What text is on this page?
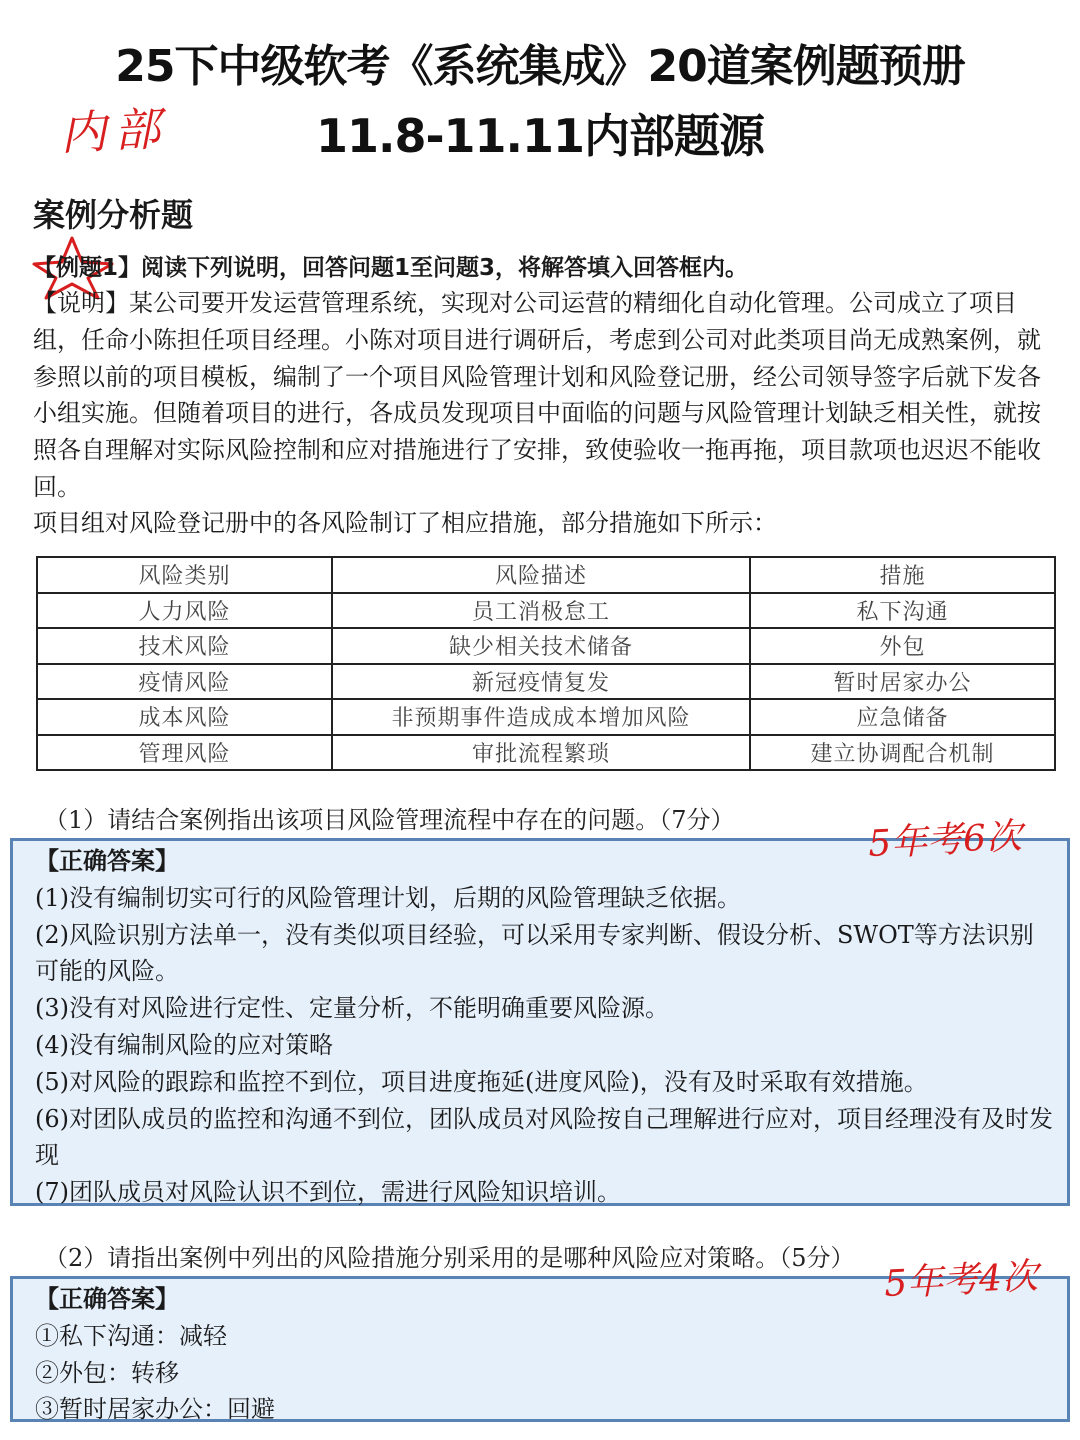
25下中级软考《系统集成》20道案例题预册
11.8-11.11内部题源
内部
案例分析题
【例题1】阅读下列说明，回答问题1至问题3，将解答填入回答框内。
【说明】某公司要开发运营管理系统，实现对公司运营的精细化自动化管理。公司成立了项目组，任命小陈担任项目经理。小陈对项目进行调研后，考虑到公司对此类项目尚无成熟案例，就参照以前的项目模板，编制了一个项目风险管理计划和风险登记册，经公司领导签字后就下发各小组实施。但随着项目的进行，各成员发现项目中面临的问题与风险管理计划缺乏相关性，就按照各自理解对实际风险控制和应对措施进行了安排，致使验收一拖再拖，项目款项也迟迟不能收回。
项目组对风险登记册中的各风险制订了相应措施，部分措施如下所示：
风险类别	风险描述	措施
人力风险	员工消极怠工	私下沟通
技术风险	缺少相关技术储备	外包
疫情风险	新冠疫情复发	暂时居家办公
成本风险	非预期事件造成成本增加风险	应急储备
管理风险	审批流程繁琐	建立协调配合机制
（1）请结合案例指出该项目风险管理流程中存在的问题。（7分）
【正确答案】
(1)没有编制切实可行的风险管理计划，后期的风险管理缺乏依据。
(2)风险识别方法单一，没有类似项目经验，可以采用专家判断、假设分析、SWOT等方法识别可能的风险。
(3)没有对风险进行定性、定量分析，不能明确重要风险源。
(4)没有编制风险的应对策略
(5)对风险的跟踪和监控不到位，项目进度拖延(进度风险)，没有及时采取有效措施。
(6)对团队成员的监控和沟通不到位，团队成员对风险按自己理解进行应对，项目经理没有及时发现
(7)团队成员对风险认识不到位，需进行风险知识培训。
5年考6次
（2）请指出案例中列出的风险措施分别采用的是哪种风险应对策略。（5分）
【正确答案】
①私下沟通：减轻
②外包：转移
③暂时居家办公：回避
5年考4次
